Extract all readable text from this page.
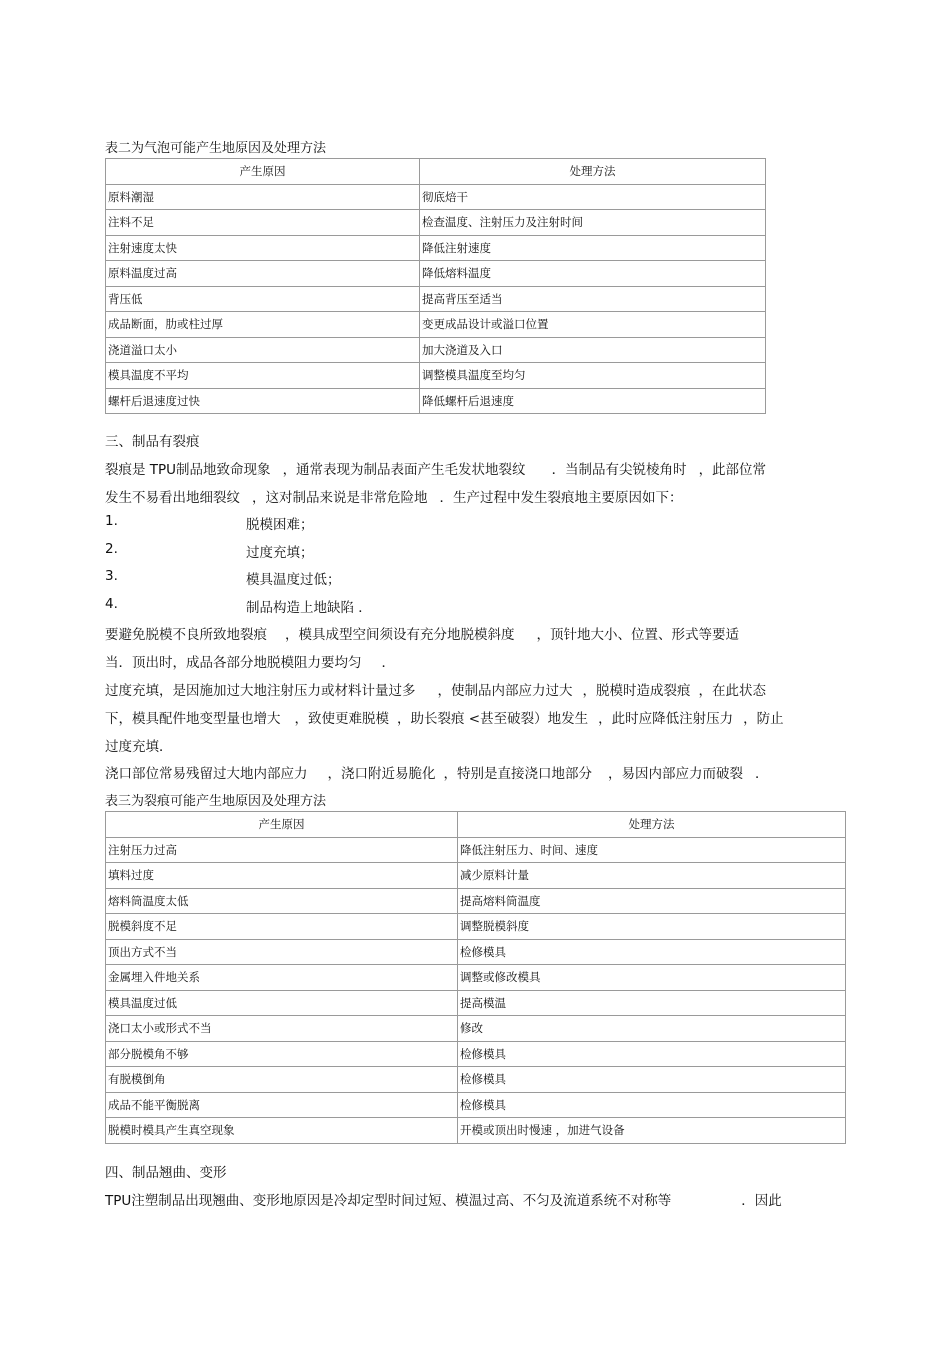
表二为气泡可能产生地原因及处理方法
产生原因	处理方法
原料潮湿	彻底焙干
注料不足	检查温度、注射压力及注射时间
注射速度太快	降低注射速度
原料温度过高	降低熔料温度
背压低	提高背压至适当
成品断面，肋或柱过厚	变更成品设计或溢口位置
浇道溢口太小	加大浇道及入口
模具温度不平均	调整模具温度至均匀
螺杆后退速度过快	降低螺杆后退速度
三、制品有裂痕
裂痕是 TPU制品地致命现象 ，通常表现为制品表面产生毛发状地裂纹 ．当制品有尖锐棱角时 ，此部位常
发生不易看出地细裂纹 ，这对制品来说是非常危险地 ．生产过程中发生裂痕地主要原因如下：
1.	脱模困难；
2.	过度充填；
3.	模具温度过低；
4.	制品构造上地缺陷 ．
要避免脱模不良所致地裂痕 ，模具成型空间须设有充分地脱模斜度 ，顶针地大小、位置、形式等要适
当．顶出时，成品各部分地脱模阻力要均匀 ．
过度充填，是因施加过大地注射压力或材料计量过多 ，使制品内部应力过大 ，脱模时造成裂痕 ，在此状态
下，模具配件地变型量也增大 ，致使更难脱模 ，助长裂痕 <甚至破裂）地发生 ，此时应降低注射压力 ，防止
过度充填．
浇口部位常易残留过大地内部应力 ，浇口附近易脆化 ，特别是直接浇口地部分 ，易因内部应力而破裂 ．
表三为裂痕可能产生地原因及处理方法
产生原因	处理方法
注射压力过高	降低注射压力、时间、速度
填料过度	减少原料计量
熔料筒温度太低	提高熔料筒温度
脱模斜度不足	调整脱模斜度
顶出方式不当	检修模具
金属埋入件地关系	调整或修改模具
模具温度过低	提高模温
浇口太小或形式不当	修改
部分脱模角不够	检修模具
有脱模倒角	检修模具
成品不能平衡脱离	检修模具
脱模时模具产生真空现象	开模或顶出时慢速 ，加进气设备
四、制品翘曲、变形
TPU注塑制品出现翘曲、变形地原因是冷却定型时间过短、模温过高、不匀及流道系统不对称等	．因此
